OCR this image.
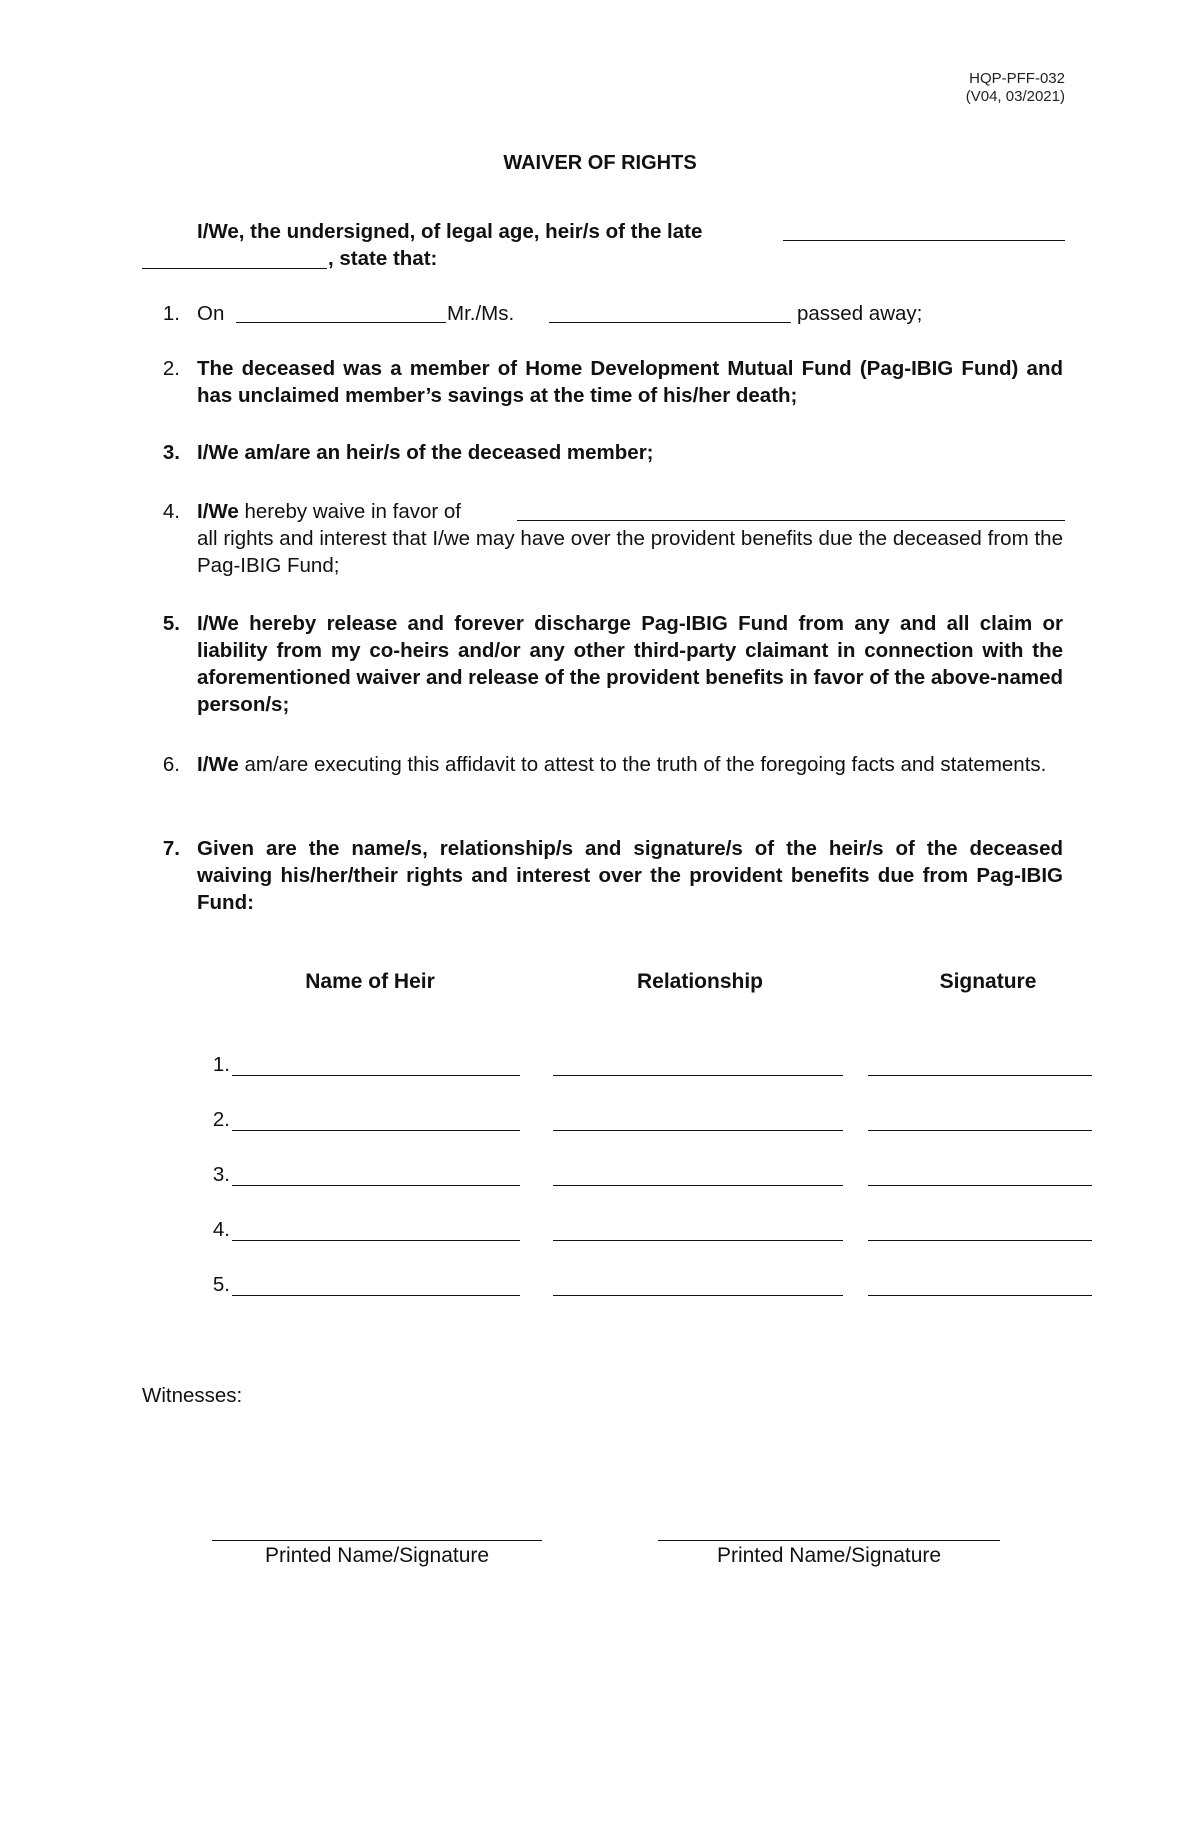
HQP-PFF-032
(V04, 03/2021)
WAIVER OF RIGHTS
I/We, the undersigned, of legal age, heir/s of the late
, state that:
1. On	Mr./Ms.	passed away;
2. The deceased was a member of Home Development Mutual Fund (Pag-IBIG Fund) and has unclaimed member’s savings at the time of his/her death;
3. I/We am/are an heir/s of the deceased member;
4. I/We hereby waive in favor of
all rights and interest that I/we may have over the provident benefits due the deceased from the Pag-IBIG Fund;
5. I/We hereby release and forever discharge Pag-IBIG Fund from any and all claim or liability from my co-heirs and/or any other third-party claimant in connection with the aforementioned waiver and release of the provident benefits in favor of the above-named person/s;
6. I/We am/are executing this affidavit to attest to the truth of the foregoing facts and statements.
7. Given are the name/s, relationship/s and signature/s of the heir/s of the deceased waiving his/her/their rights and interest over the provident benefits due from Pag-IBIG Fund:
Name of Heir	Relationship	Signature
1.
2.
3.
4.
5.
Witnesses:
Printed Name/Signature	Printed Name/Signature
